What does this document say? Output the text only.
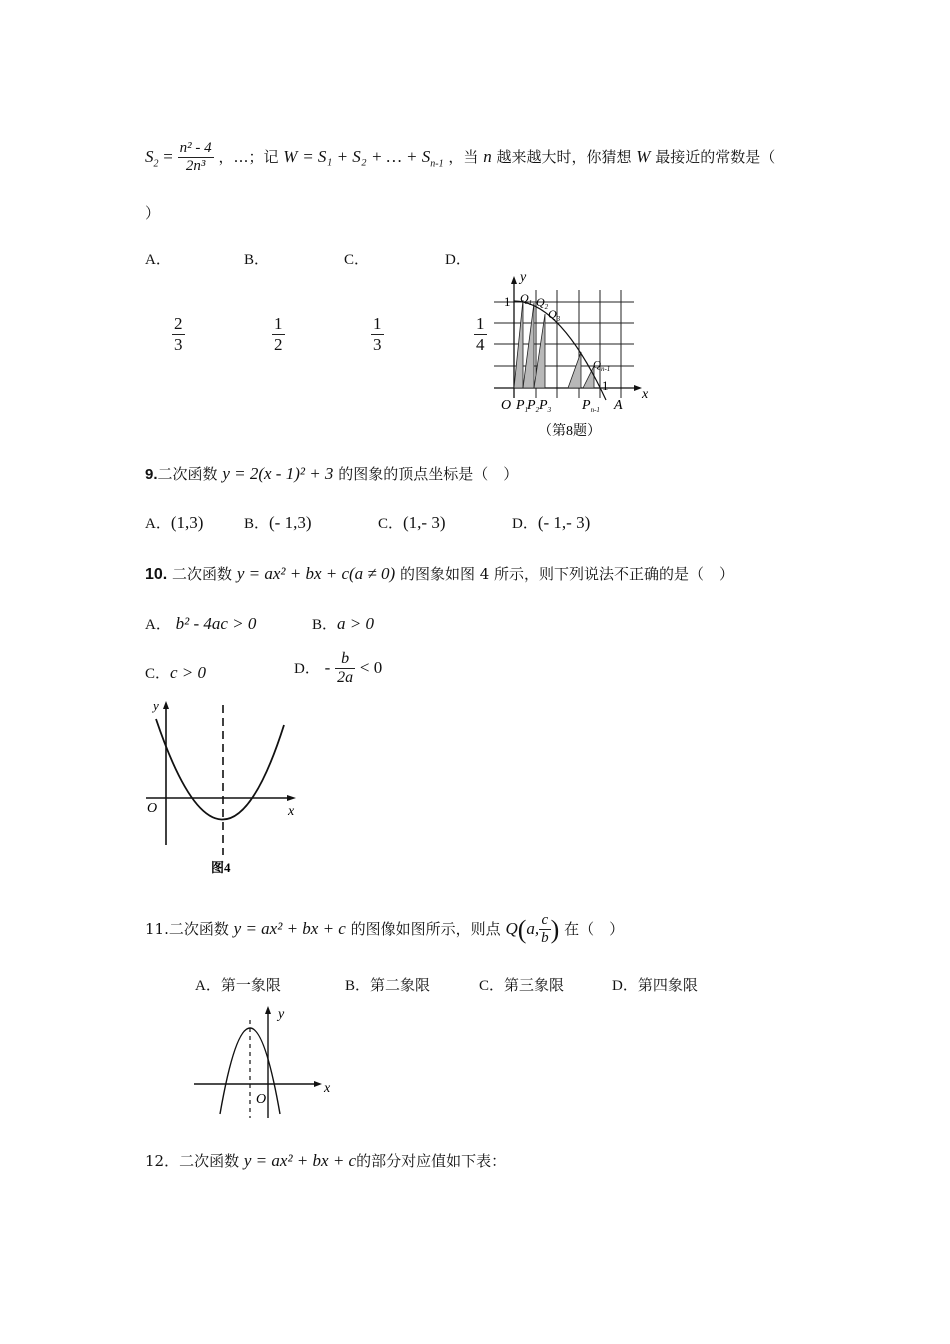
$S_2 = \frac{\text{n² - 4}}{\text{2n³}}$ ，…；记 W = S₁ + S₂ + … + $S_{n-1}$ ，当 n 越来越大时，你猜想 W 最接近的常数是（
）
A．	B．	C．	D．
$\frac{2}{3}$	$\frac{1}{2}$	$\frac{1}{3}$	$\frac{1}{4}$
y
x
1
1
O
$Q_1$ $Q_2$ $Q_3$
$Q_{n-1}$
$P_1$
$P_2$ $P_3$ $P_{n-1}$ A
（第8题）
9.二次函数 y = 2(x - 1)² + 3 的图象的顶点坐标是（　）
A．(1,3)	B．(- 1,3)	C．(1,- 3)	D．(- 1,- 3)
10. 二次函数 y = ax² + bx + c(a ≠ 0) 的图象如图 4 所示，则下列说法不正确的是（　）
A． b² - 4ac > 0	B．a > 0
C．c > 0	D． - $\frac{b}{2a} < 0$
y
x
O
图4
11.二次函数 y = ax² + bx + c 的图像如图所示，则点 Q(a, $\frac{c}{b}$ ) 在（　）
A．第一象限	B．第二象限	C．第三象限	D．第四象限
y
x
O
12．二次函数 y = ax² + bx + c的部分对应值如下表：
